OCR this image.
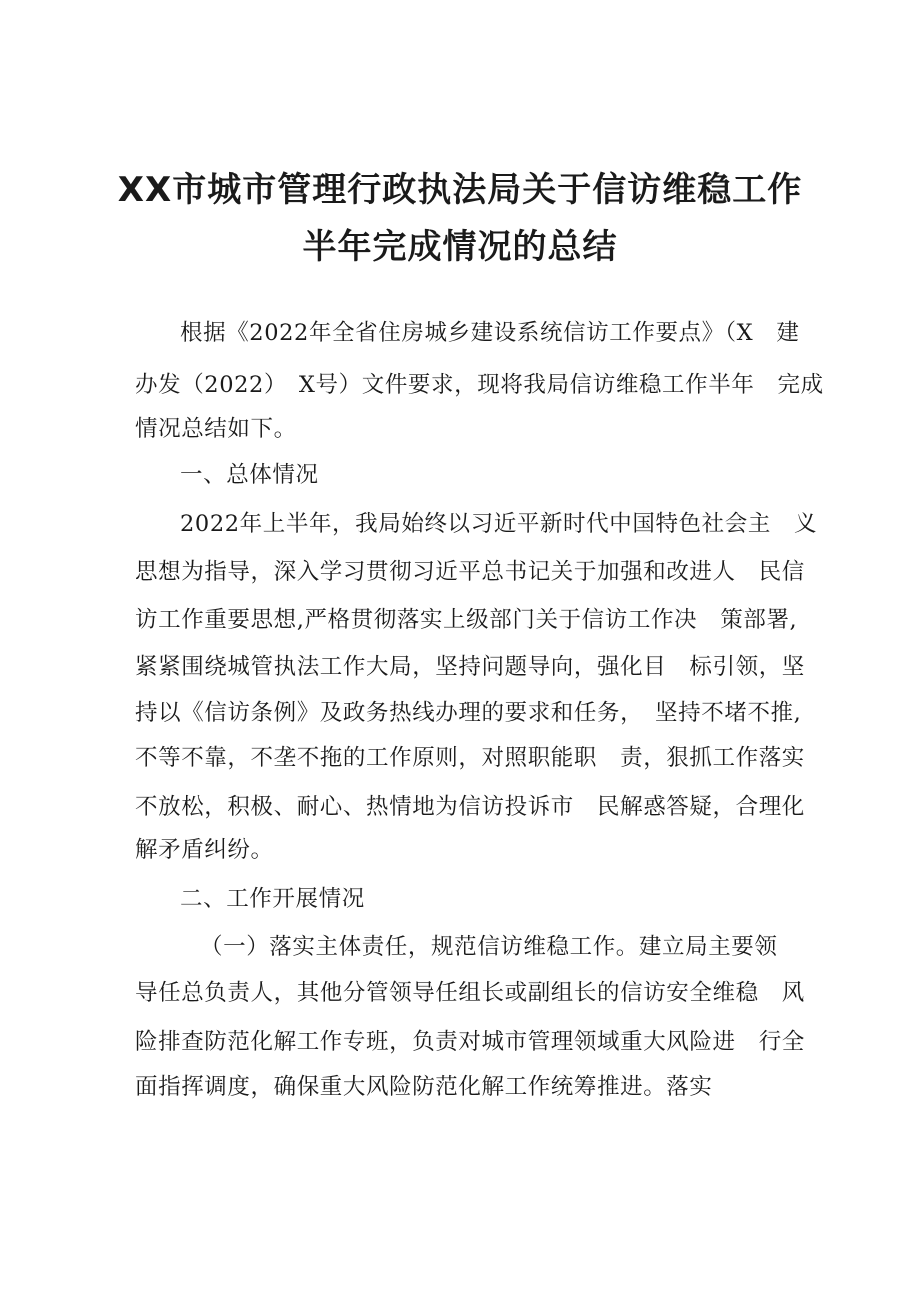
XX市城市管理行政执法局关于信访维稳工作
半年完成情况的总结
根据《2022年全省住房城乡建设系统信访工作要点》（X　建
办发（2022）　X号）文件要求，现将我局信访维稳工作半年　完成
情况总结如下。
一、总体情况
2022年上半年，我局始终以习近平新时代中国特色社会主　义
思想为指导，深入学习贯彻习近平总书记关于加强和改进人　民信
访工作重要思想,严格贯彻落实上级部门关于信访工作决　策部署,
紧紧围绕城管执法工作大局，坚持问题导向，强化目　标引领，坚
持以《信访条例》及政务热线办理的要求和任务，　坚持不堵不推,
不等不靠，不垄不拖的工作原则，对照职能职　责，狠抓工作落实
不放松，积极、耐心、热情地为信访投诉市　民解惑答疑，合理化
解矛盾纠纷。
二、工作开展情况
（一）落实主体责任，规范信访维稳工作。建立局主要领
导任总负责人，其他分管领导任组长或副组长的信访安全维稳　风
险排查防范化解工作专班，负责对城市管理领域重大风险进　行全
面指挥调度，确保重大风险防范化解工作统筹推进。落实
